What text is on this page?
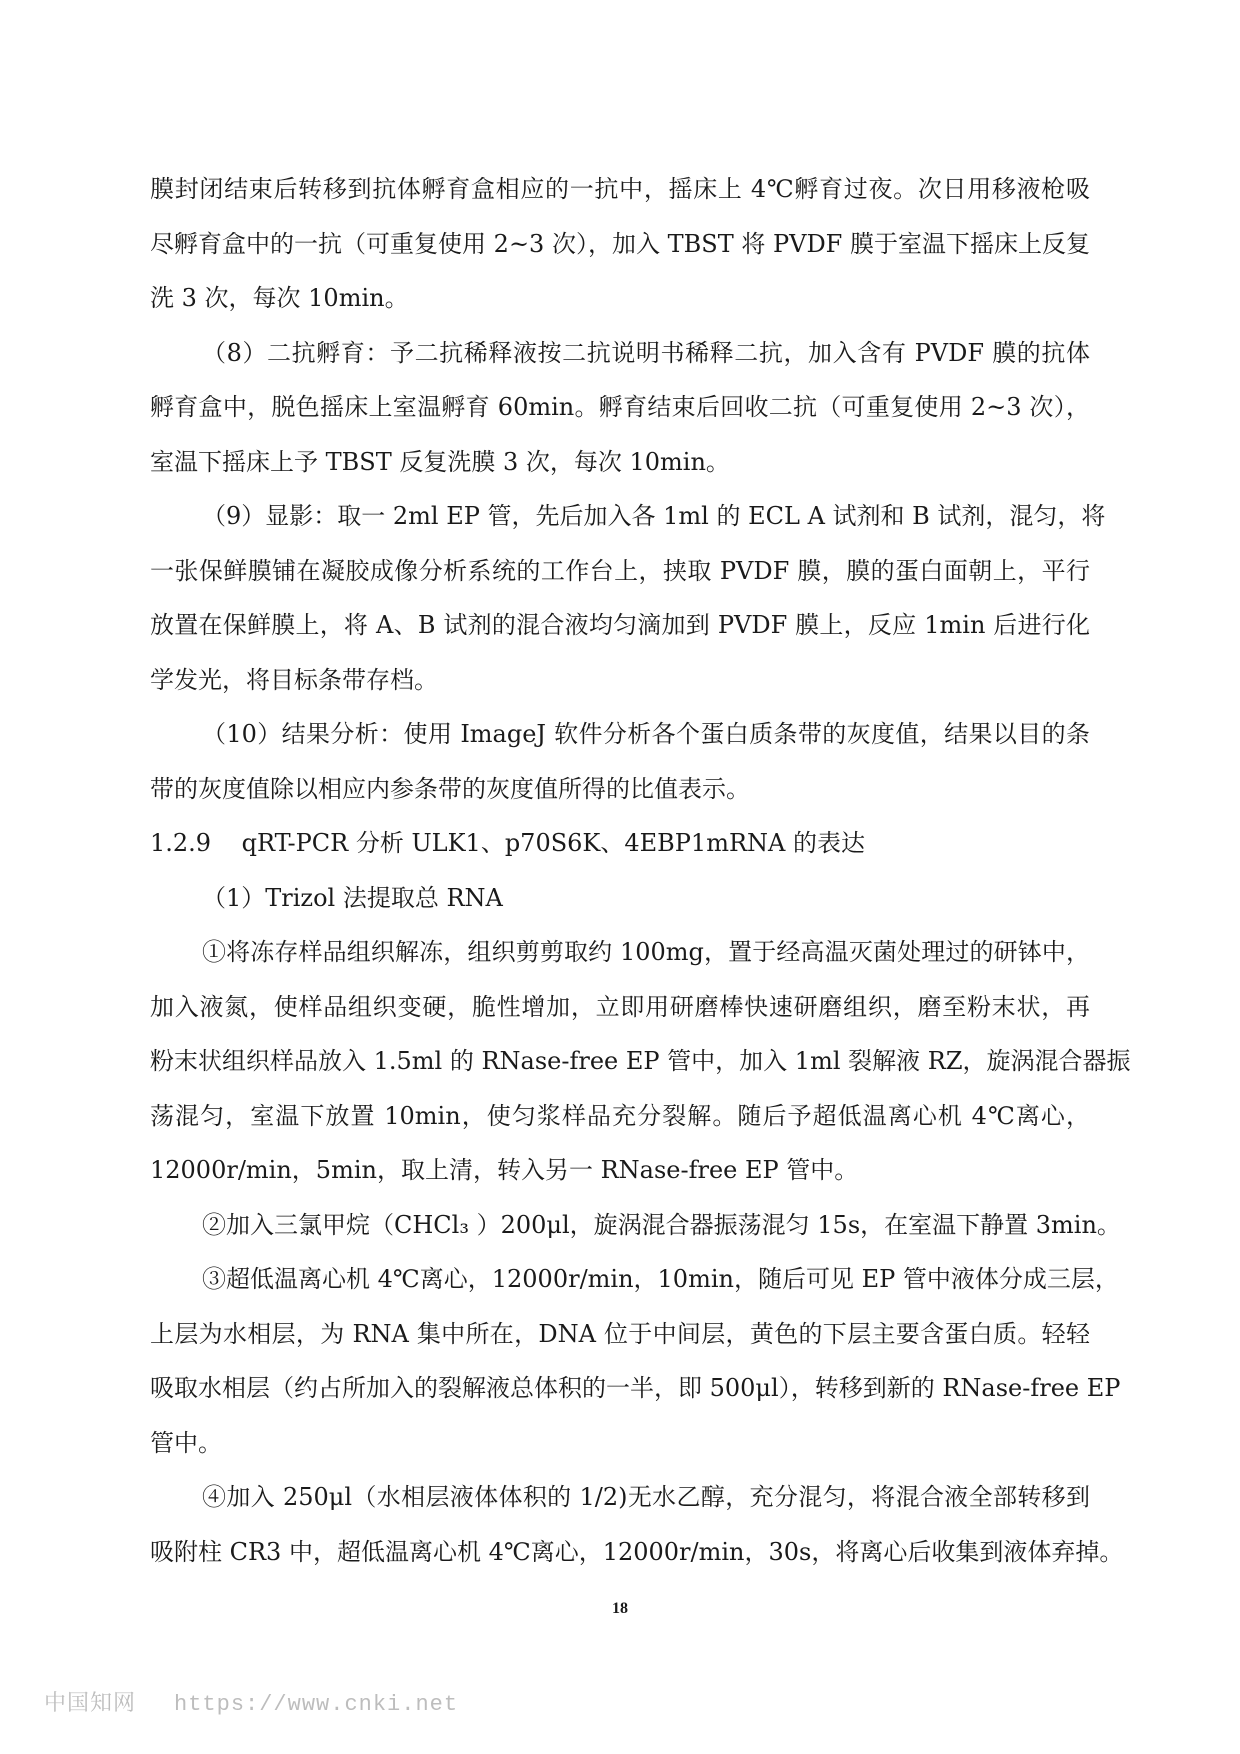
膜封闭结束后转移到抗体孵育盒相应的一抗中，摇床上 4℃孵育过夜。次日用移液枪吸
尽孵育盒中的一抗（可重复使用 2~3 次），加入 TBST 将 PVDF 膜于室温下摇床上反复
洗 3 次，每次 10min。
（8）二抗孵育：予二抗稀释液按二抗说明书稀释二抗，加入含有 PVDF 膜的抗体
孵育盒中，脱色摇床上室温孵育 60min。孵育结束后回收二抗（可重复使用 2~3 次），
室温下摇床上予 TBST 反复洗膜 3 次，每次 10min。
（9）显影：取一 2ml EP 管，先后加入各 1ml 的 ECL A 试剂和 B 试剂，混匀，将
一张保鲜膜铺在凝胶成像分析系统的工作台上，挟取 PVDF 膜，膜的蛋白面朝上，平行
放置在保鲜膜上，将 A、B 试剂的混合液均匀滴加到 PVDF 膜上，反应 1min 后进行化
学发光，将目标条带存档。
（10）结果分析：使用 ImageJ 软件分析各个蛋白质条带的灰度值，结果以目的条
带的灰度值除以相应内参条带的灰度值所得的比值表示。
1.2.9    qRT-PCR 分析 ULK1、p70S6K、4EBP1mRNA 的表达
（1）Trizol 法提取总 RNA
①将冻存样品组织解冻，组织剪剪取约 100mg，置于经高温灭菌处理过的研钵中，
加入液氮，使样品组织变硬，脆性增加，立即用研磨棒快速研磨组织，磨至粉末状，再
粉末状组织样品放入 1.5ml 的 RNase-free EP 管中，加入 1ml 裂解液 RZ，旋涡混合器振
荡混匀，室温下放置 10min，使匀浆样品充分裂解。随后予超低温离心机 4℃离心，
12000r/min，5min，取上清，转入另一 RNase-free EP 管中。
②加入三氯甲烷（CHCl₃ ）200μl，旋涡混合器振荡混匀 15s，在室温下静置 3min。
③超低温离心机 4℃离心，12000r/min，10min，随后可见 EP 管中液体分成三层，
上层为水相层，为 RNA 集中所在，DNA 位于中间层，黄色的下层主要含蛋白质。轻轻
吸取水相层（约占所加入的裂解液总体积的一半，即 500μl），转移到新的 RNase-free EP
管中。
④加入 250μl（水相层液体体积的 1/2)无水乙醇，充分混匀，将混合液全部转移到
吸附柱 CR3 中，超低温离心机 4℃离心，12000r/min，30s，将离心后收集到液体弃掉。
18
中国知网 https://www.cnki.net
